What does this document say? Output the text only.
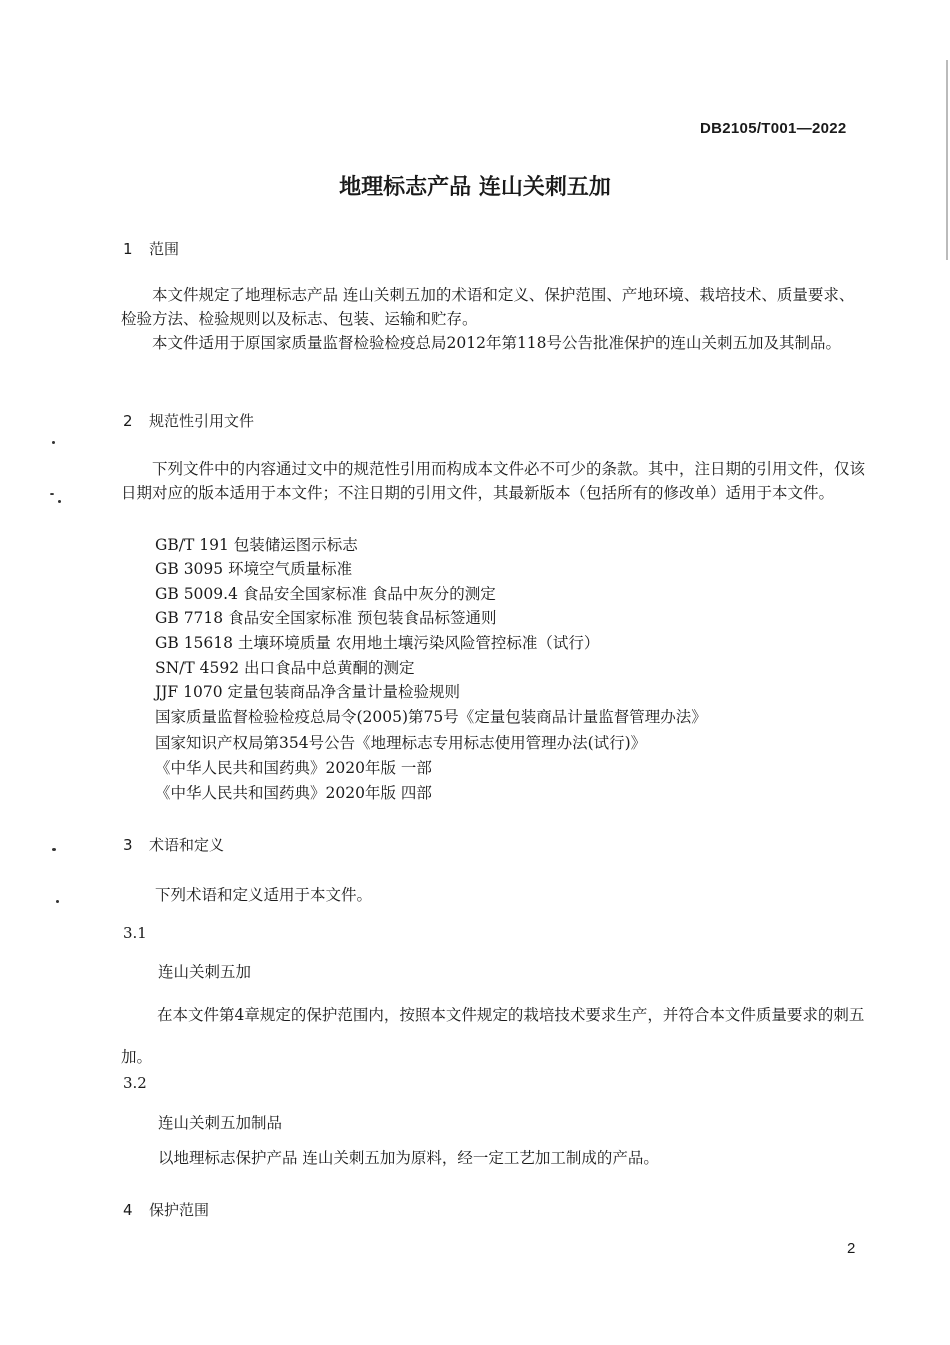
DB2105/T001—2022
地理标志产品 连山关刺五加
1 范围
本文件规定了地理标志产品 连山关刺五加的术语和定义、保护范围、产地环境、栽培技术、质量要求、检验方法、检验规则以及标志、包装、运输和贮存。
本文件适用于原国家质量监督检验检疫总局2012年第118号公告批准保护的连山关刺五加及其制品。
2 规范性引用文件
下列文件中的内容通过文中的规范性引用而构成本文件必不可少的条款。其中，注日期的引用文件，仅该日期对应的版本适用于本文件；不注日期的引用文件，其最新版本（包括所有的修改单）适用于本文件。
GB/T 191 包装储运图示标志
GB 3095 环境空气质量标准
GB 5009.4 食品安全国家标准 食品中灰分的测定
GB 7718 食品安全国家标准 预包装食品标签通则
GB 15618 土壤环境质量 农用地土壤污染风险管控标准（试行）
SN/T 4592 出口食品中总黄酮的测定
JJF 1070 定量包装商品净含量计量检验规则
国家质量监督检验检疫总局令(2005)第75号《定量包装商品计量监督管理办法》
国家知识产权局第354号公告《地理标志专用标志使用管理办法(试行)》
《中华人民共和国药典》2020年版 一部
《中华人民共和国药典》2020年版 四部
3 术语和定义
下列术语和定义适用于本文件。
3.1
连山关刺五加
在本文件第4章规定的保护范围内，按照本文件规定的栽培技术要求生产，并符合本文件质量要求的刺五加。
3.2
连山关刺五加制品
以地理标志保护产品 连山关刺五加为原料，经一定工艺加工制成的产品。
4 保护范围
2
